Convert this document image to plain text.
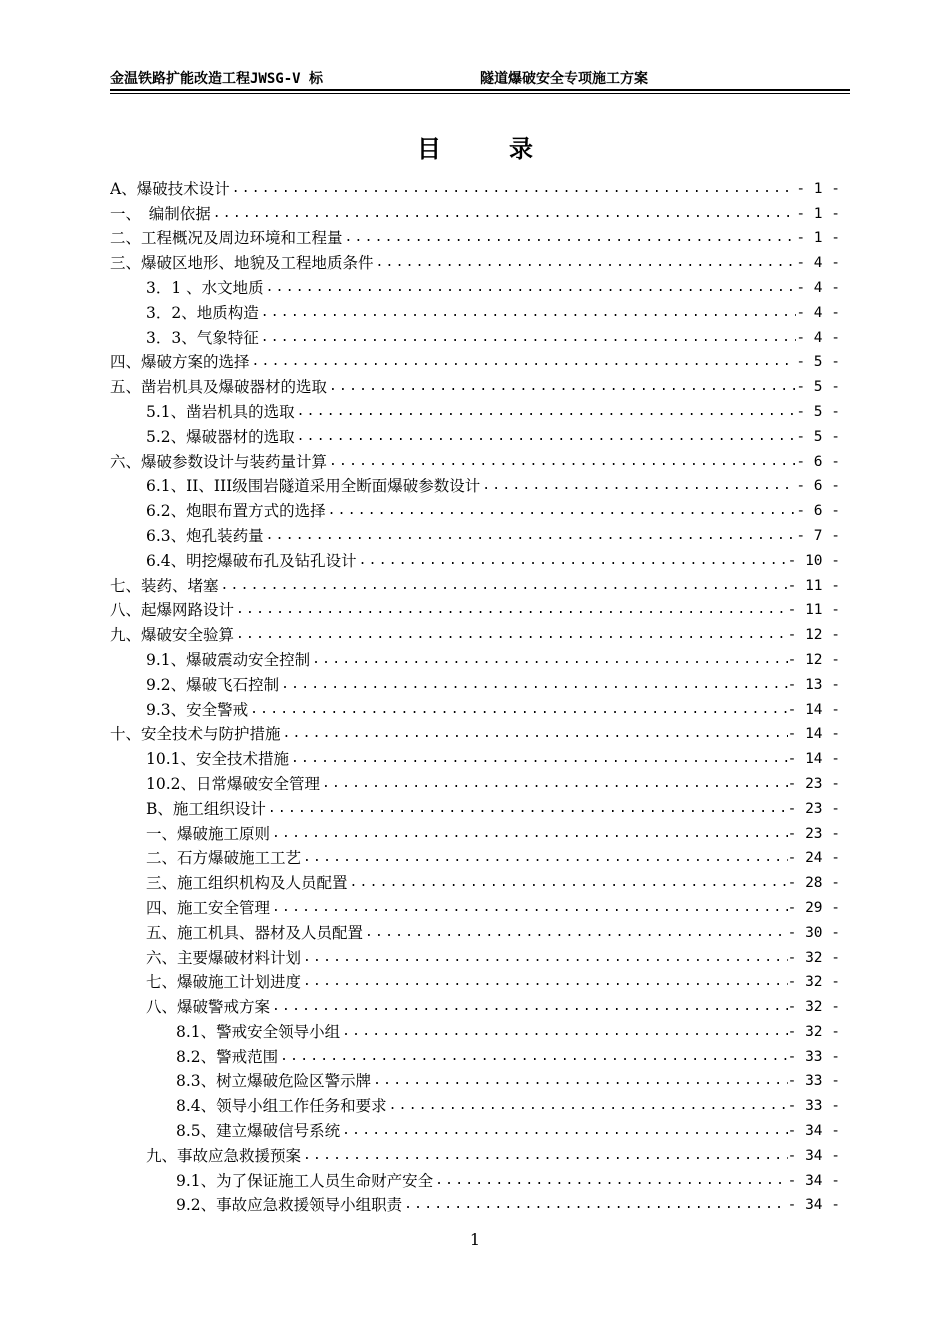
金温铁路扩能改造工程JWSG-V 标	隧道爆破安全专项施工方案
目　录
A、爆破技术设计 .....	- 1 -
一、　编制依据 .....	- 1 -
二、工程概况及周边环境和工程量 .....	- 1 -
三、爆破区地形、地貌及工程地质条件 .....	- 4 -
3．1 、水文地质 .....	- 4 -
3．2、地质构造 .....	- 4 -
3．3、气象特征 .....	- 4 -
四、爆破方案的选择 .....	- 5 -
五、凿岩机具及爆破器材的选取 .....	- 5 -
5.1、凿岩机具的选取 .....	- 5 -
5.2、爆破器材的选取 .....	- 5 -
六、爆破参数设计与装药量计算 .....	- 6 -
6.1、II、III级围岩隧道采用全断面爆破参数设计 .....	- 6 -
6.2、炮眼布置方式的选择 .....	- 6 -
6.3、炮孔装药量 .....	- 7 -
6.4、明挖爆破布孔及钻孔设计 .....	- 10 -
七、装药、堵塞 .....	- 11 -
八、起爆网路设计 .....	- 11 -
九、爆破安全验算 .....	- 12 -
9.1、爆破震动安全控制 .....	- 12 -
9.2、爆破飞石控制 .....	- 13 -
9.3、安全警戒 .....	- 14 -
十、安全技术与防护措施 .....	- 14 -
10.1、安全技术措施 .....	- 14 -
10.2、日常爆破安全管理 .....	- 23 -
B、施工组织设计 .....	- 23 -
一、爆破施工原则 .....	- 23 -
二、石方爆破施工工艺 .....	- 24 -
三、施工组织机构及人员配置 .....	- 28 -
四、施工安全管理 .....	- 29 -
五、施工机具、器材及人员配置 .....	- 30 -
六、主要爆破材料计划 .....	- 32 -
七、爆破施工计划进度 .....	- 32 -
八、爆破警戒方案 .....	- 32 -
8.1、警戒安全领导小组 .....	- 32 -
8.2、警戒范围 .....	- 33 -
8.3、树立爆破危险区警示牌 .....	- 33 -
8.4、领导小组工作任务和要求 .....	- 33 -
8.5、建立爆破信号系统 .....	- 34 -
九、事故应急救援预案 .....	- 34 -
9.1、为了保证施工人员生命财产安全 .....	- 34 -
9.2、事故应急救援领导小组职责 .....	- 34 -
1
